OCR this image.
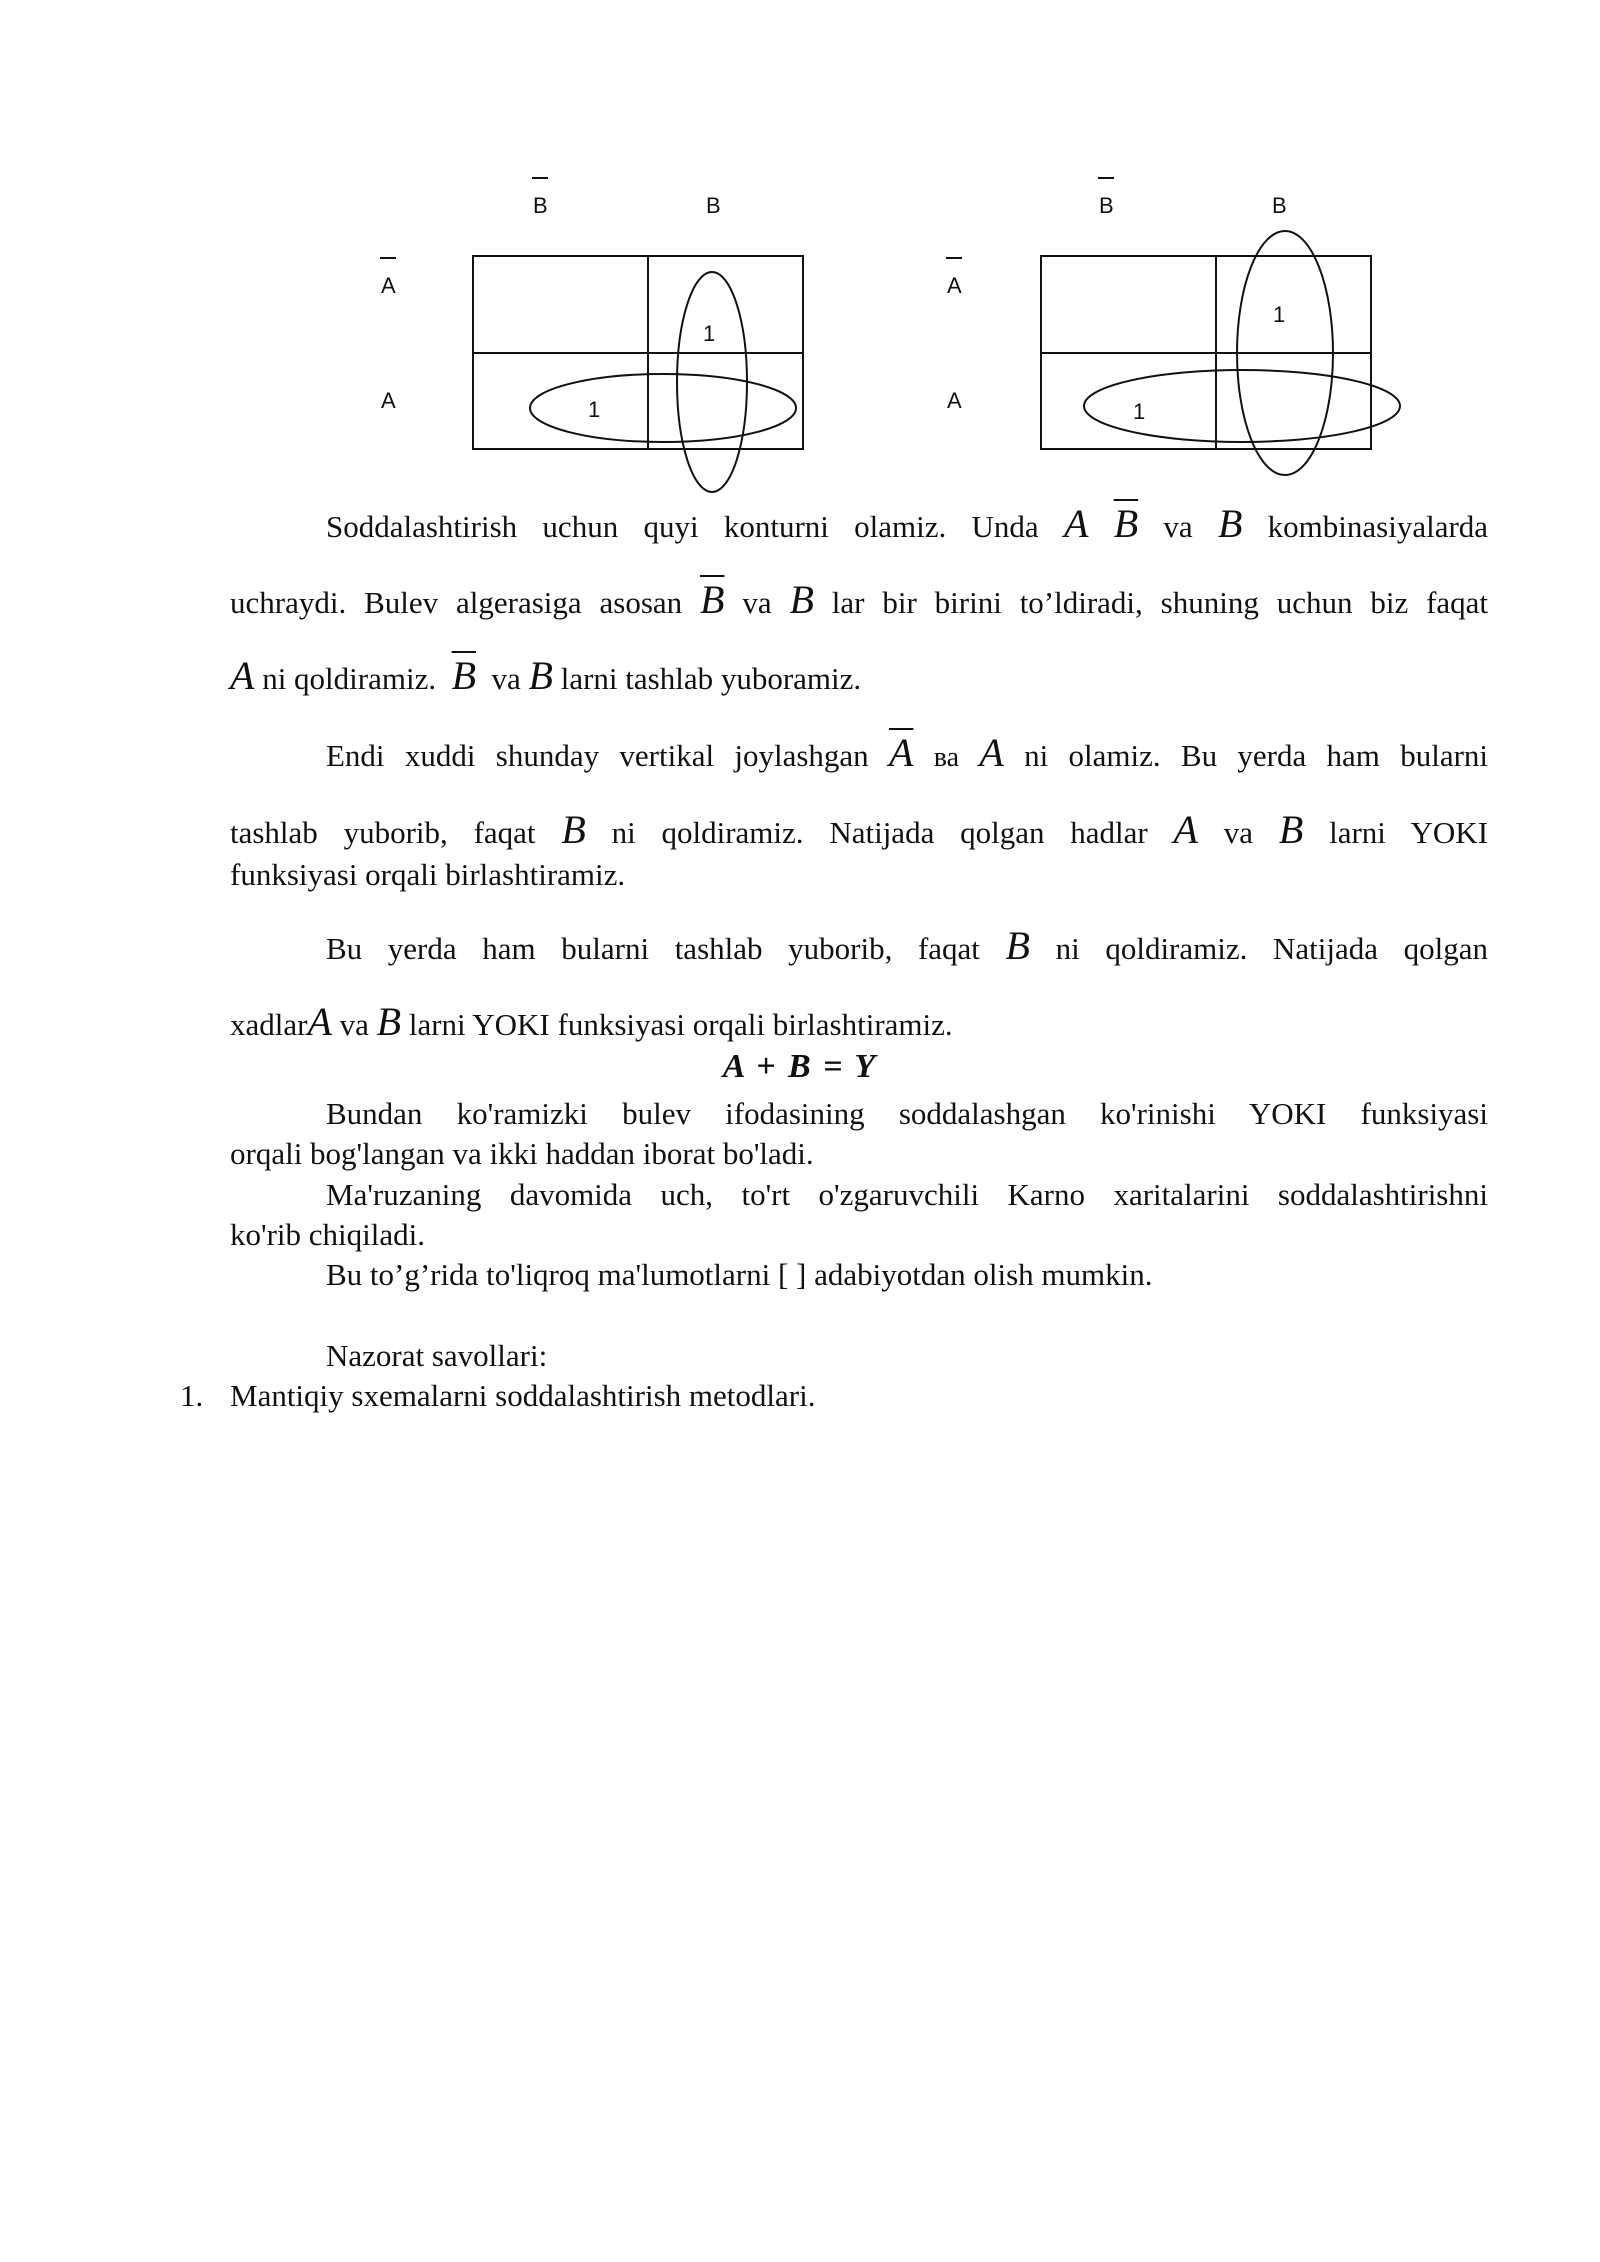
B	B
A
A
1
1
B	B
A
A
1
1
Soddalashtirish uchun quyi konturni olamiz. Unda A $\overline{B}$ va B kombinasiyalarda
uchraydi. Bulev algerasiga asosan $\overline{B}$ va B lar bir birini to’ldiradi, shuning uchun biz faqat
A ni qoldiramiz. $\overline{B}$ va B larni tashlab yuboramiz.
Endi xuddi shunday vertikal joylashgan $\overline{A}$ ва A ni olamiz. Bu yerda ham bularni
tashlab yuborib, faqat B ni qoldiramiz. Natijada qolgan hadlar A va B larni YOKI
funksiyasi orqali birlashtiramiz.
Bu yerda ham bularni tashlab yuborib, faqat B ni qoldiramiz. Natijada qolgan
xadlarA va B larni YOKI funksiyasi orqali birlashtiramiz.
A + B = Y
Bundan ko'ramizki bulev ifodasining soddalashgan ko'rinishi YOKI funksiyasi
orqali bog'langan va ikki haddan iborat bo'ladi.
Ma'ruzaning davomida uch, to'rt o'zgaruvchili Karno xaritalarini soddalashtirishni
ko'rib chiqiladi.
Bu to’g’rida to'liqroq ma'lumotlarni [ ] adabiyotdan olish mumkin.
Nazorat savollari:
1. Mantiqiy sxemalarni soddalashtirish metodlari.
